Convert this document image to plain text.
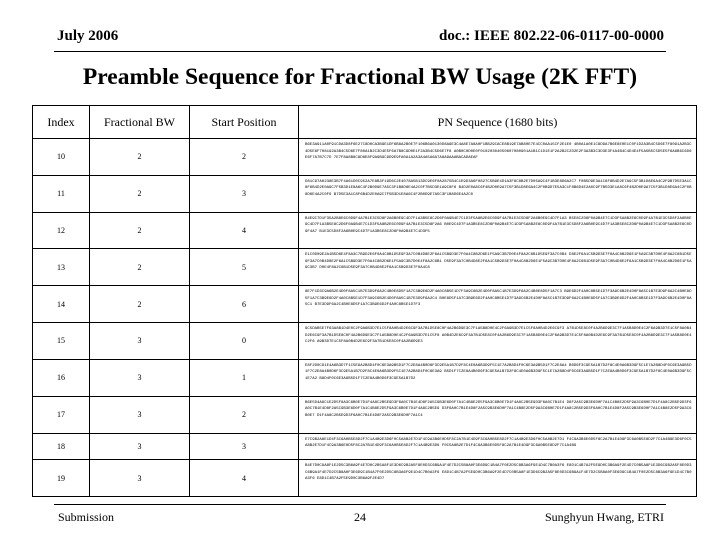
July 2006	doc.: IEEE 802.22-06-0117-00-0000
Preamble Sequence for Fractional BW Usage (2K FFT)
Index	Fractional BW	Start Position	PN Sequence (1680 bits)
10	2	2	B6E3A911A0F91CDA3D8F6E27C8D0CA3B9E1DF6B8A2B0E7F106B6A0130D8A9E3C4A8E7A8A0F1BB29CACE8B19E7AB80E7E4CC0AA15CF2E1E0 4B0A1A0E1C8D9A7B6E8E0E1C0F1D2A3B4C5D6E7F8091A2B3C4D5E6F708192A3B4C5D6E7F80A1B2C3D4E5F6A7B8C9D0E1F2A3B4C5D6E7F8 A0B0C0D0E0F01020304050607080901A1B1C1D1E1F2A2B2C2D2E2F3A3B3C3D3E3F4A4B4C4D4E4F5A5B5C5D5E5F6A6B6C6D6E6F7A7B7C7D 7E7F8A8B8C8D8E8F9A9B9C9D9E9FA0A1A2A3A4A5A6A7A8A9AAABACADAEAF
11	2	3	D81C97A0238E3B7F4A61D0C952A7E8B3F19D6C2E4078A5B13DC9E6F0A2875B4C1E9D3A6F0827C5B9E4D1A3F6C8B2E7D05A9C4F1B3E8D6A2C7 F0B5D9E3A1C6F8B4D2E7A9C5F3B1D8E6A4C2F9B7D5E3A1C8F6B4D2E0A9C7F5B3D1E8A6C4F2B0D9E7A5C3F1B8D6E4A2C0F7B5D3E1A9C8F6 B4D2E0A8C6F4B2D0E9A7C5F3B1D8E6A4C2F0B9D7E5A3C1F8B6D4E2A0C9F7B5D3E1A8C6F4B2D0E9A7C5F3B1D8E6A4C2F0B8D6E4A2C0F9 B7D5E3A1C8F6B4D2E0A9C7F5B3D1E8A6C4F2B0D9E7A5C3F1B8D6E4A2C0
12	2	4	B4E9C7D1F35A2B8E6C0D9F4A7B1E3C5D8F2A6B0E9C4D7F1A3B5E8C2D6F0A9B4E7C1D3F5A8B2E6C0D9F4A7B1E3C5D8F2A6B0E9C4D7F1A3 B5E8C2D6F0A9B4E7C1D3F5A8B2E6C0D9F4A7B1E3C5D8F2A6B0E9C4D7F1A3B5E8C2D6F0A9B4E7C1D3F5A8B2E6C0D9F4A7B1E3C5D8F2A6 B0E9C4D7F1A3B5E8C2D6F0A9B4E7C1D3F5A8B2E6C0D9F4A7B1E3C5D8F2A6B0E9C4D7F1A3B5E8C2D6F0A9B4E7C1D3F5A8B2E6C0D9F4A7 B1E3C5D8F2A6B0E9C4D7F1A3B5E8C2D6F0A9B4E7C1D3F5
13	2	5	E1C0D09E2A1B5D6E4F8A3C7B9D2E6F0A4C8B1D5E9F3A7C0B4D8E2F6A1C5B9D3E7F0A4C8B2D6E1F5A9C3B7D0E4F8A2C6B1D5E9F3A7C0B4 D8E2F6A1C5B9D3E7F0A4C8B2D6E1F5A9C3B7D0E4F8A2C6B1D5E9F3A7C0B4D8E2F6A1C5B9D3E7F0A4C8B2D6E1F5A9C3B7D0E4F8A2C6B1 D5E9F3A7C0B4D8E2F6A1C5B9D3E7F0A4C8B2D6E1F5A9C3B7D0E4F8A2C6B1D5E9F3A7C0B4D8E2F6A1C5B9D3E7F0A4C8B2D6E1F5A9C3B7 D0E4F8A2C6B1D5E9F3A7C0B4D8E2F6A1C5B9D3E7F0A4C8
14	2	6	8E7F1D3C9A6B2E4D0F8A5C1B7E3D9F6A2C4B0E8D5F1A7C3B9E6D2F4A0C8B5E1D7F3A9C6B2E4D0F8A5C1B7E3D9F6A2C4B0E8D5F1A7C3 B9E6D2F4A0C8B5E1D7F3A9C6B2E4D0F8A5C1B7E3D9F6A2C4B0E8D5F1A7C3B9E6D2F4A0C8B5E1D7F3A9C6B2E4D0F8A5C1B7E3D9F6A2C4 B0E8D5F1A7C3B9E6D2F4A0C8B5E1D7F3A9C6B2E4D0F8A5C1B7E3D9F6A2C4B0E8D5F1A7C3B9E6D2F4A0C8B5E1D7F3A9C6B2E4D0F8A5C1 B7E3D9F6A2C4B0E8D5F1A7C3B9E6D2F4A0C8B5E1D7F3
15	3	0	9C5DAB5E7F63A8B1D4E0C2F9A6B3D7E1C5F8A0B4D2E6C9F3A7B1D5E8C0F4A2B6D9E3C7F1A5B8D0E4C2F6A9B3D7E1C5F8A0B4D2E6C9F3 A7B1D5E8C0F4A2B6D9E3C7F1A5B8D0E4C2F6A9B3D7E1C5F8A0B4D2E6C9F3A7B1D5E8C0F4A2B6D9E3C7F1A5B8D0E4C2F6A9B3D7E1C5F8 A0B4D2E6C9F3A7B1D5E8C0F4A2B6D9E3C7F1A5B8D0E4C2F6A9B3D7E1C5F8A0B4D2E6C9F3A7B1D5E8C0F4A2B6D9E3C7F1A5B8D0E4C2F6 A9B3D7E1C5F8A0B4D2E6C9F3A7B1D5E8C0F4A2B6D9E3
16	3	1	E8F2D0C91E4A6B3D7F1C5E9A2B8D4F0C6E3A9B5D1F7C2E8A4B0D6F3C9E5A1B7D2F8C4E0A6B3D9F5C1E7A2B8D4F0C6E3A9B5D1F7C2E8A4 B0D6F3C9E5A1B7D2F8C4E0A6B3D9F5C1E7A2B8D4F0C6E3A9B5D1F7C2E8A4B0D6F3C9E5A1B7D2F8C4E0A6B3D9F5C1E7A2B8D4F0C6E3A9 B5D1F7C2E8A4B0D6F3C9E5A1B7D2F8C4E0A6B3D9F5C1E7A2B8D4F0C6E3A9B5D1F7C2E8A4B0D6F3C9E5A1B7D2F8C4E0A6B3D9F5C1E7A2 B8D4F0C6E3A9B5D1F7C2E8A4B0D6F3C9E5A1B7D2
17	3	2	B6E5D4A9C1E2D5F8A3C6B0E7D1F4A8C2B5E9D3F6A0C7B1E4D8F2A5C9B3E6D0F7A1C4B8E2D5F9A3C6B0E7D1F4A8C2B5E9D3F6A0C7B1E4 D8F2A5C9B3E6D0F7A1C4B8E2D5F9A3C6B0E7D1F4A8C2B5E9D3F6A0C7B1E4D8F2A5C9B3E6D0F7A1C4B8E2D5F9A3C6B0E7D1F4A8C2B5E9 D3F6A0C7B1E4D8F2A5C9B3E6D0F7A1C4B8E2D5F9A3C6B0E7D1F4A8C2B5E9D3F6A0C7B1E4D8F2A5C9B3E6D0F7A1C4B8E2D5F9A3C6B0E7 D1F4A8C2B5E9D3F6A0C7B1E4D8F2A5C9B3E6D0F7A1C4
18	3	3	E7C9B2A8E1D4F3C6A0B5E8D2F7C1A4B9E3D6F0C5A8B2E7D1F4C9A3B6E0D5F8C2A7B1E4D9F3C6A0B5E8D2F7C1A4B9E3D6F0C5A8B2E7D1 F4C9A3B6E0D5F8C2A7B1E4D9F3C6A0B5E8D2F7C1A4B9E3D6F0C5A8B2E7D1F4C9A3B6E0D5F8C2A7B1E4D9F3C6A0B5E8D2F7C1A4B9E3D6 F0C5A8B2E7D1F4C9A3B6E0D5F8C2A7B1E4D9F3C6A0B5E8D2F7C1A4B9
19	3	4	B4E7D0C9A8F1E2D5C3B6A9F4E7D0C2B5A8F1E3D6C9B2A5F8E0D3C6B9A1F4E7D2C5B8A0F3E6D9C1B4A7F0E2D5C8B3A6F9E1D4C7B0A3F6 E8D1C4B7A2F5E9D0C3B6A9F2E4D7C0B5A8F1E3D6C9B2A5F8E0D3C6B9A1F4E7D2C5B8A0F3E6D9C1B4A7F0E2D5C8B3A6F9E1D4C7B0A3F6 E8D1C4B7A2F5E9D0C3B6A9F2E4D7C0B5A8F1E3D6C9B2A5F8E0D3C6B9A1F4E7D2C5B8A0F3E6D9C1B4A7F0E2D5C8B3A6F9E1D4C7B0A3F6 E8D1C4B7A2F5E9D0C3B6A9F2E4D7
Submission	24	Sunghyun Hwang, ETRI
